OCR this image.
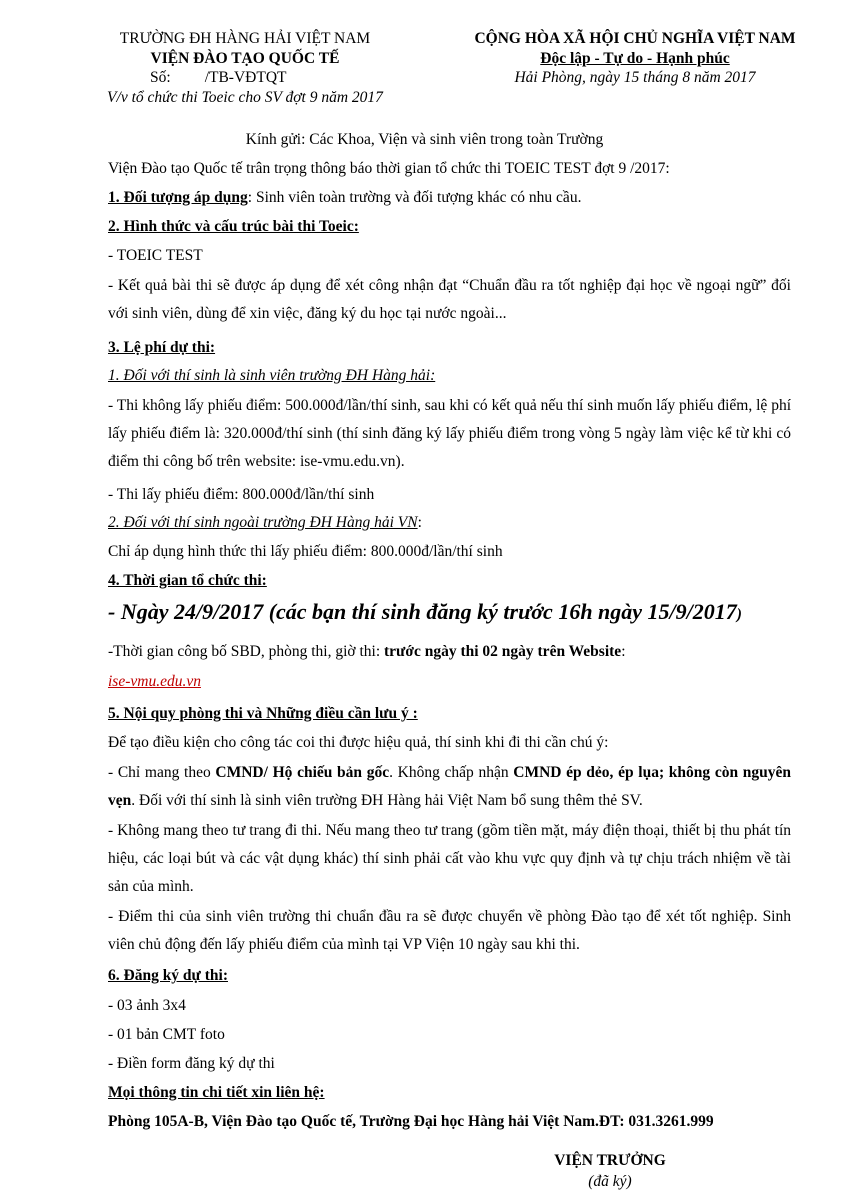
TRƯỜNG ĐH HÀNG HẢI VIỆT NAM
VIỆN ĐÀO TẠO QUỐC TẾ
Số: /TB-VĐTQT
V/v tổ chức thi Toeic cho SV đợt 9 năm 2017
CỘNG HÒA XÃ HỘI CHỦ NGHĨA VIỆT NAM
Độc lập - Tự do - Hạnh phúc
Hải Phòng, ngày 15 tháng 8 năm 2017
Kính gửi: Các Khoa, Viện và sinh viên trong toàn Trường
Viện Đào tạo Quốc tế trân trọng thông báo thời gian tổ chức thi TOEIC TEST đợt 9 /2017:
1. Đối tượng áp dụng: Sinh viên toàn trường và đối tượng khác có nhu cầu.
2. Hình thức và cấu trúc bài thi Toeic:
- TOEIC TEST
- Kết quả bài thi sẽ được áp dụng để xét công nhận đạt “Chuẩn đầu ra tốt nghiệp đại học về ngoại ngữ” đối với sinh viên, dùng để xin việc, đăng ký du học tại nước ngoài...
3. Lệ phí dự thi:
1. Đối với thí sinh là sinh viên trường ĐH Hàng hải:
- Thi không lấy phiếu điểm: 500.000đ/lần/thí sinh, sau khi có kết quả nếu thí sinh muốn lấy phiếu điểm, lệ phí lấy phiếu điểm là: 320.000đ/thí sinh (thí sinh đăng ký lấy phiếu điểm trong vòng 5 ngày làm việc kể từ khi có điểm thi công bố trên website: ise-vmu.edu.vn).
- Thi lấy phiếu điểm: 800.000đ/lần/thí sinh
2. Đối với thí sinh ngoài trường ĐH Hàng hải VN:
Chỉ áp dụng hình thức thi lấy phiếu điểm: 800.000đ/lần/thí sinh
4. Thời gian tổ chức thi:
- Ngày 24/9/2017 (các bạn thí sinh đăng ký trước 16h ngày 15/9/2017)
-Thời gian công bố SBD, phòng thi, giờ thi: trước ngày thi 02 ngày trên Website:
ise-vmu.edu.vn
5. Nội quy phòng thi và Những điều cần lưu ý :
Để tạo điều kiện cho công tác coi thi được hiệu quả, thí sinh khi đi thi cần chú ý:
- Chỉ mang theo CMND/ Hộ chiếu bản gốc. Không chấp nhận CMND ép dẻo, ép lụa; không còn nguyên vẹn. Đối với thí sinh là sinh viên trường ĐH Hàng hải Việt Nam bổ sung thêm thẻ SV.
- Không mang theo tư trang đi thi. Nếu mang theo tư trang (gồm tiền mặt, máy điện thoại, thiết bị thu phát tín hiệu, các loại bút và các vật dụng khác) thí sinh phải cất vào khu vực quy định và tự chịu trách nhiệm về tài sản của mình.
- Điểm thi của sinh viên trường thi chuẩn đầu ra sẽ được chuyển về phòng Đào tạo để xét tốt nghiệp. Sinh viên chủ động đến lấy phiếu điểm của mình tại VP Viện 10 ngày sau khi thi.
6. Đăng ký dự thi:
- 03 ảnh 3x4
- 01 bản CMT foto
- Điền form đăng ký dự thi
Mọi thông tin chi tiết xin liên hệ:
Phòng 105A-B, Viện Đào tạo Quốc tế, Trường Đại học Hàng hải Việt Nam.ĐT: 031.3261.999
VIỆN TRƯỞNG
(đã ký)
